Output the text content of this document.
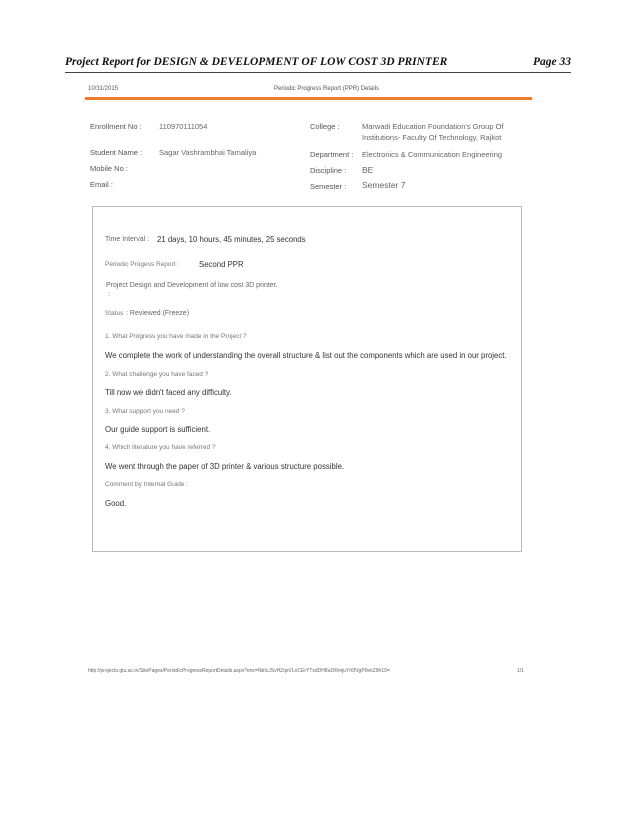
Project Report for DESIGN & DEVELOPMENT OF LOW COST 3D PRINTER	Page 33
10/31/2015	Periodic Progress Report (PPR) Details
Enrollment No : 110970111054
Student Name : Sagar Vashrambhai Tamaliya
Mobile No :
Email :
College :	Marwadi Education Foundation's Group Of
Institutions- Faculty Of Technology, Rajkot
Department : Electronics & Communication Engineering
Discipline : BE
Semester : Semester 7
Time Interval : 21 days, 10 hours, 45 minutes, 25 seconds
Periodic Progess Report :	Second PPR
Project Design and Development of low cost 3D printer.
:
Status : Reviewed (Freeze)
1. What Progress you have made in the Project ?
We complete the work of understanding the overall structure & list out the components which are used in our project.
2. What challenge you have faced ?
Till now we didn't faced any difficulty.
3. What support you need ?
Our guide support is sufficient.
4. Which literature you have referred ?
We went through the paper of 3D printer & various structure possible.
Comment by Internal Guide :
Good.
http://projects.gtu.ac.in/SitePages/PeriodicProgressReportDetails.aspx?enc=NbIcJSvHZqsVLoCErYTxdDH8uORmjuYr6fVgP0ekZ9h10=	1/1
